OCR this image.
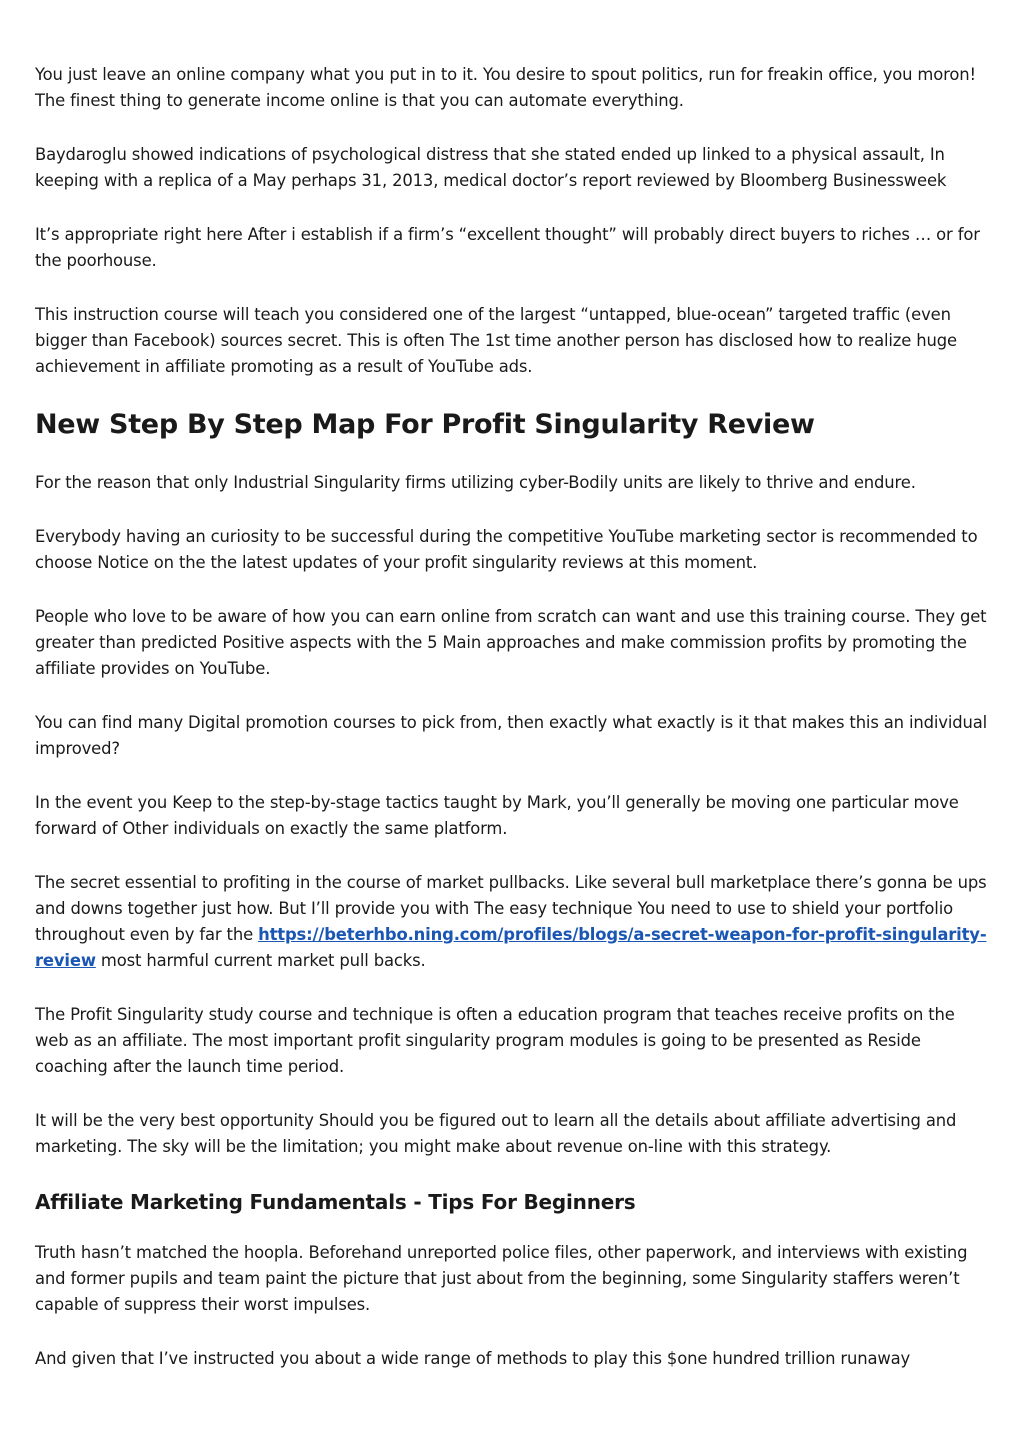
You just leave an online company what you put in to it. You desire to spout politics, run for freakin office, you moron! The finest thing to generate income online is that you can automate everything.

Baydaroglu showed indications of psychological distress that she stated ended up linked to a physical assault, In keeping with a replica of a May perhaps 31, 2013, medical doctor’s report reviewed by Bloomberg Businessweek

It’s appropriate right here After i establish if a firm’s “excellent thought” will probably direct buyers to riches … or for the poorhouse.

This instruction course will teach you considered one of the largest “untapped, blue-ocean” targeted traffic (even bigger than Facebook) sources secret. This is often The 1st time another person has disclosed how to realize huge achievement in affiliate promoting as a result of YouTube ads.

New Step By Step Map For Profit Singularity Review

For the reason that only Industrial Singularity firms utilizing cyber-Bodily units are likely to thrive and endure.

Everybody having an curiosity to be successful during the competitive YouTube marketing sector is recommended to choose Notice on the the latest updates of your profit singularity reviews at this moment.

People who love to be aware of how you can earn online from scratch can want and use this training course. They get greater than predicted Positive aspects with the 5 Main approaches and make commission profits by promoting the affiliate provides on YouTube.

You can find many Digital promotion courses to pick from, then exactly what exactly is it that makes this an individual improved?

In the event you Keep to the step-by-stage tactics taught by Mark, you’ll generally be moving one particular move forward of Other individuals on exactly the same platform.

The secret essential to profiting in the course of market pullbacks. Like several bull marketplace there’s gonna be ups and downs together just how. But I’ll provide you with The easy technique You need to use to shield your portfolio throughout even by far the https://beterhbo.ning.com/profiles/blogs/a-secret-weapon-for-profit-singularity-review most harmful current market pull backs.

The Profit Singularity study course and technique is often a education program that teaches receive profits on the web as an affiliate. The most important profit singularity program modules is going to be presented as Reside coaching after the launch time period.

It will be the very best opportunity Should you be figured out to learn all the details about affiliate advertising and marketing. The sky will be the limitation; you might make about revenue on-line with this strategy.

Affiliate Marketing Fundamentals - Tips For Beginners

Truth hasn’t matched the hoopla. Beforehand unreported police files, other paperwork, and interviews with existing and former pupils and team paint the picture that just about from the beginning, some Singularity staffers weren’t capable of suppress their worst impulses.

And given that I’ve instructed you about a wide range of methods to play this $one hundred trillion runaway
